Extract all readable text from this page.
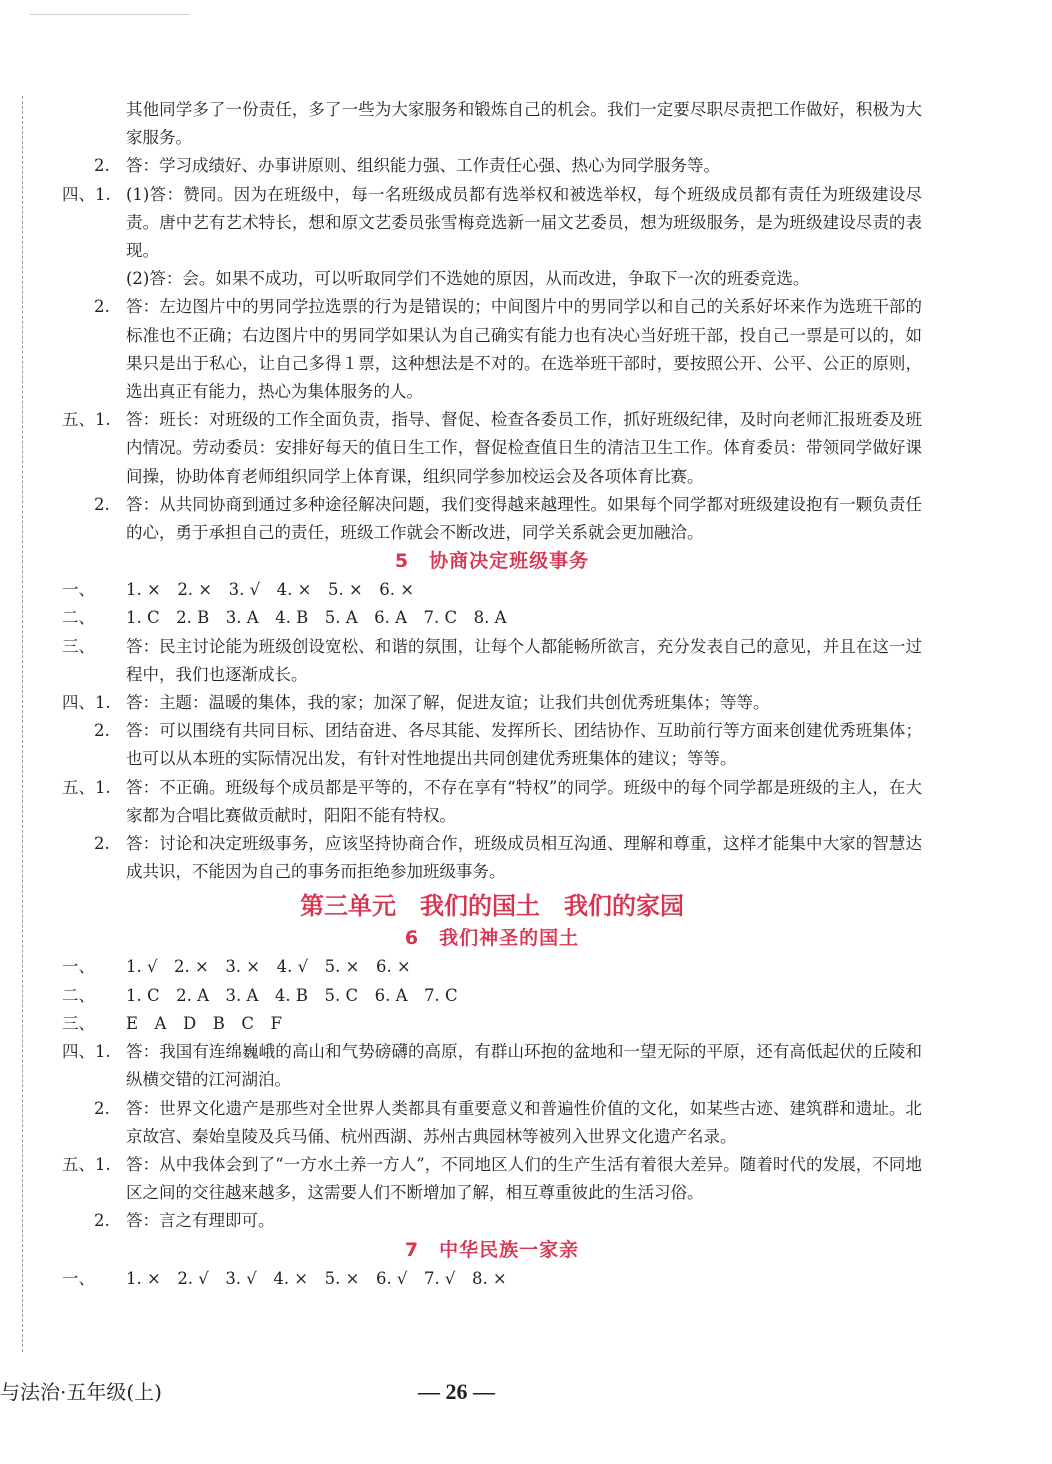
其他同学多了一份责任，多了一些为大家服务和锻炼自己的机会。我们一定要尽职尽责把工作做好，积极为大家服务。

2. 答：学习成绩好、办事讲原则、组织能力强、工作责任心强、热心为同学服务等。

四、1. (1)答：赞同。因为在班级中，每一名班级成员都有选举权和被选举权，每个班级成员都有责任为班级建设尽责。唐中艺有艺术特长，想和原文艺委员张雪梅竞选新一届文艺委员，想为班级服务，是为班级建设尽责的表现。

(2)答：会。如果不成功，可以听取同学们不选她的原因，从而改进，争取下一次的班委竞选。

2. 答：左边图片中的男同学拉选票的行为是错误的；中间图片中的男同学以和自己的关系好坏来作为选班干部的标准也不正确；右边图片中的男同学如果认为自己确实有能力也有决心当好班干部，投自己一票是可以的，如果只是出于私心，让自己多得１票，这种想法是不对的。在选举班干部时，要按照公开、公平、公正的原则，选出真正有能力，热心为集体服务的人。

五、1. 答：班长：对班级的工作全面负责，指导、督促、检查各委员工作，抓好班级纪律，及时向老师汇报班委及班内情况。劳动委员：安排好每天的值日生工作，督促检查值日生的清洁卫生工作。体育委员：带领同学做好课间操，协助体育老师组织同学上体育课，组织同学参加校运会及各项体育比赛。

2. 答：从共同协商到通过多种途径解决问题，我们变得越来越理性。如果每个同学都对班级建设抱有一颗负责任的心，勇于承担自己的责任，班级工作就会不断改进，同学关系就会更加融洽。

5　协商决定班级事务

一、 1. ×　2. ×　3. √　4. ×　5. ×　6. ×

二、 1. C　2. B　3. A　4. B　5. A　6. A　7. C　8. A

三、 答：民主讨论能为班级创设宽松、和谐的氛围，让每个人都能畅所欲言，充分发表自己的意见，并且在这一过程中，我们也逐渐成长。

四、1. 答：主题：温暖的集体，我的家；加深了解，促进友谊；让我们共创优秀班集体；等等。

2. 答：可以围绕有共同目标、团结奋进、各尽其能、发挥所长、团结协作、互助前行等方面来创建优秀班集体；也可以从本班的实际情况出发，有针对性地提出共同创建优秀班集体的建议；等等。

五、1. 答：不正确。班级每个成员都是平等的，不存在享有“特权”的同学。班级中的每个同学都是班级的主人，在大家都为合唱比赛做贡献时，阳阳不能有特权。

2. 答：讨论和决定班级事务，应该坚持协商合作，班级成员相互沟通、理解和尊重，这样才能集中大家的智慧达成共识，不能因为自己的事务而拒绝参加班级事务。

第三单元　我们的国土　我们的家园
6　我们神圣的国土

一、 1. √　2. ×　3. ×　4. √　5. ×　6. ×

二、 1. C　2. A　3. A　4. B　5. C　6. A　7. C

三、 E　A　D　B　C　F

四、1. 答：我国有连绵巍峨的高山和气势磅礴的高原，有群山环抱的盆地和一望无际的平原，还有高低起伏的丘陵和纵横交错的江河湖泊。

2. 答：世界文化遗产是那些对全世界人类都具有重要意义和普遍性价值的文化，如某些古迹、建筑群和遗址。北京故宫、秦始皇陵及兵马俑、杭州西湖、苏州古典园林等被列入世界文化遗产名录。

五、1. 答：从中我体会到了“一方水土养一方人”，不同地区人们的生产生活有着很大差异。随着时代的发展，不同地区之间的交往越来越多，这需要人们不断增加了解，相互尊重彼此的生活习俗。

2. 答：言之有理即可。

7　中华民族一家亲

一、 1. ×　2. √　3. √　4. ×　5. ×　6. √　7. √　8. ×

与法治·五年级(上)	— 26 —
